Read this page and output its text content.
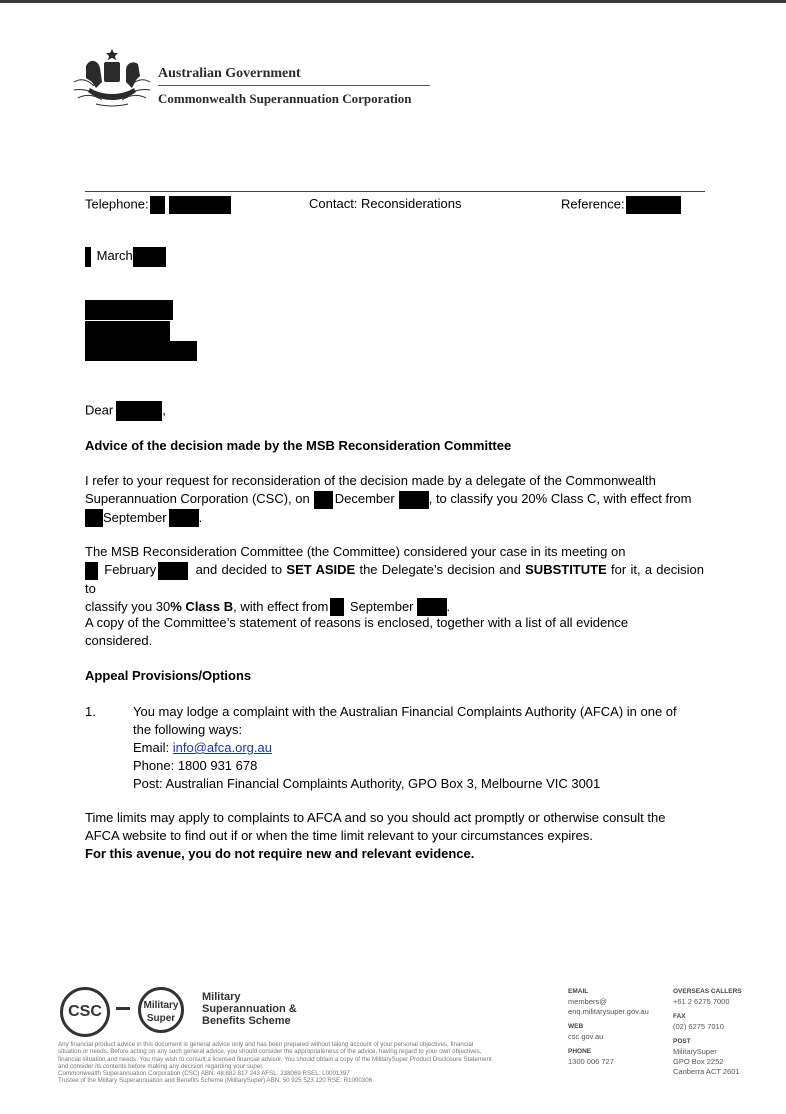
Australian Government
Commonwealth Superannuation Corporation
Telephone:	Contact: Reconsiderations	Reference:
March
Dear	,
Advice of the decision made by the MSB Reconsideration Committee
I refer to your request for reconsideration of the decision made by a delegate of the Commonwealth
Superannuation Corporation (CSC), on December	, to classify you 20% Class C, with effect from
September .
The MSB Reconsideration Committee (the Committee) considered your case in its meeting on
February	and decided to SET ASIDE the Delegate’s decision and SUBSTITUTE for it, a decision to
classify you 30% Class B, with effect from September	.
A copy of the Committee’s statement of reasons is enclosed, together with a list of all evidence
considered.
Appeal Provisions/Options
1.	You may lodge a complaint with the Australian Financial Complaints Authority (AFCA) in one of
the following ways:
Email: info@afca.org.au
Phone: 1800 931 678
Post: Australian Financial Complaints Authority, GPO Box 3, Melbourne VIC 3001
Time limits may apply to complaints to AFCA and so you should act promptly or otherwise consult the
AFCA website to find out if or when the time limit relevant to your circumstances expires.
For this avenue, you do not require new and relevant evidence.
CSC	Military
Super
Military
Superannuation &
Benefits Scheme
Any financial product advice in this document is general advice only and has been prepared without taking account of your personal objectives, financial
situation or needs. Before acting on any such general advice, you should consider the appropriateness of the advice, having regard to your own objectives,
financial situation and needs. You may wish to consult a licensed financial advisor. You should obtain a copy of the MilitarySuper Product Disclosure Statement
and consider its contents before making any decision regarding your super.
Commonwealth Superannuation Corporation (CSC) ABN: 48 882 817 243 AFSL: 238069 RSEL: L0001397
Trustee of the Military Superannuation and Benefits Scheme (MilitarySuper) ABN: 50 925 523 120 RSE: R1000306
EMAIL
members@
enq.militarysuper.gov.au
WEB
csc.gov.au
PHONE
1300 006 727
OVERSEAS CALLERS
+61 2 6275 7000
FAX
(02) 6275 7010
POST
MilitarySuper
GPO Box 2252
Canberra ACT 2601
